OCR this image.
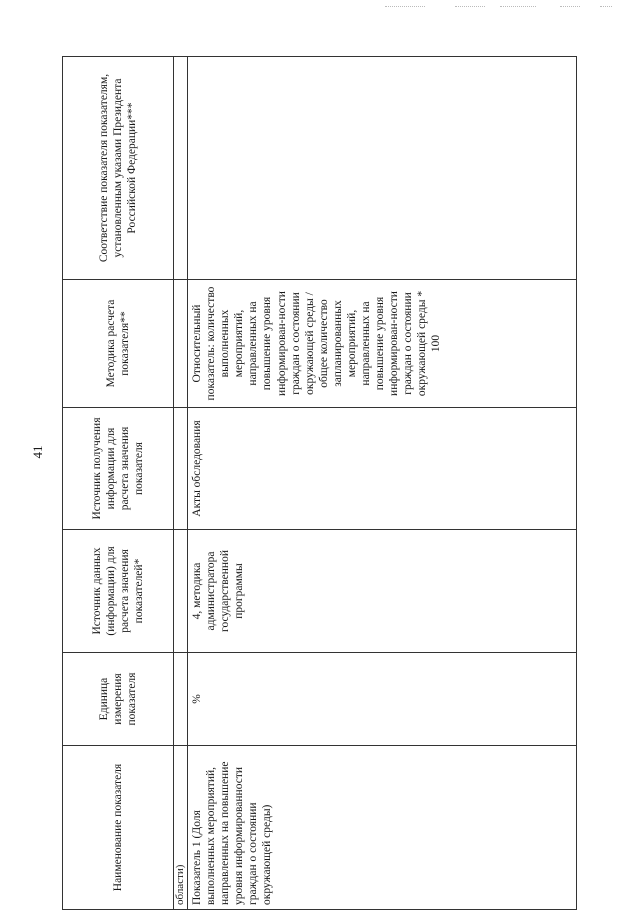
41
Наименование показателя	Единица измерения показателя	Источник данных (информации) для расчета значения показателей*	Источник получения информации для расчета значения показателя	Методика расчета показателя**	Соответствие показателя показателям, установленным указами Президента Российской Федерации***
области)					
Показатель 1 (Доля выполненных мероприятий, направленных на повышение уровня информированности граждан о состоянии окружающей среды)	%	4, методика администратора государственной программы	Акты обследования	Относительный показатель: количество выполненных мероприятий, направленных на повышение уровня информирован-ности граждан о состоянии окружающей среды / общее количество запланированных мероприятий, направленных на повышение уровня информирован-ности граждан о состоянии окружающей среды * 100	
